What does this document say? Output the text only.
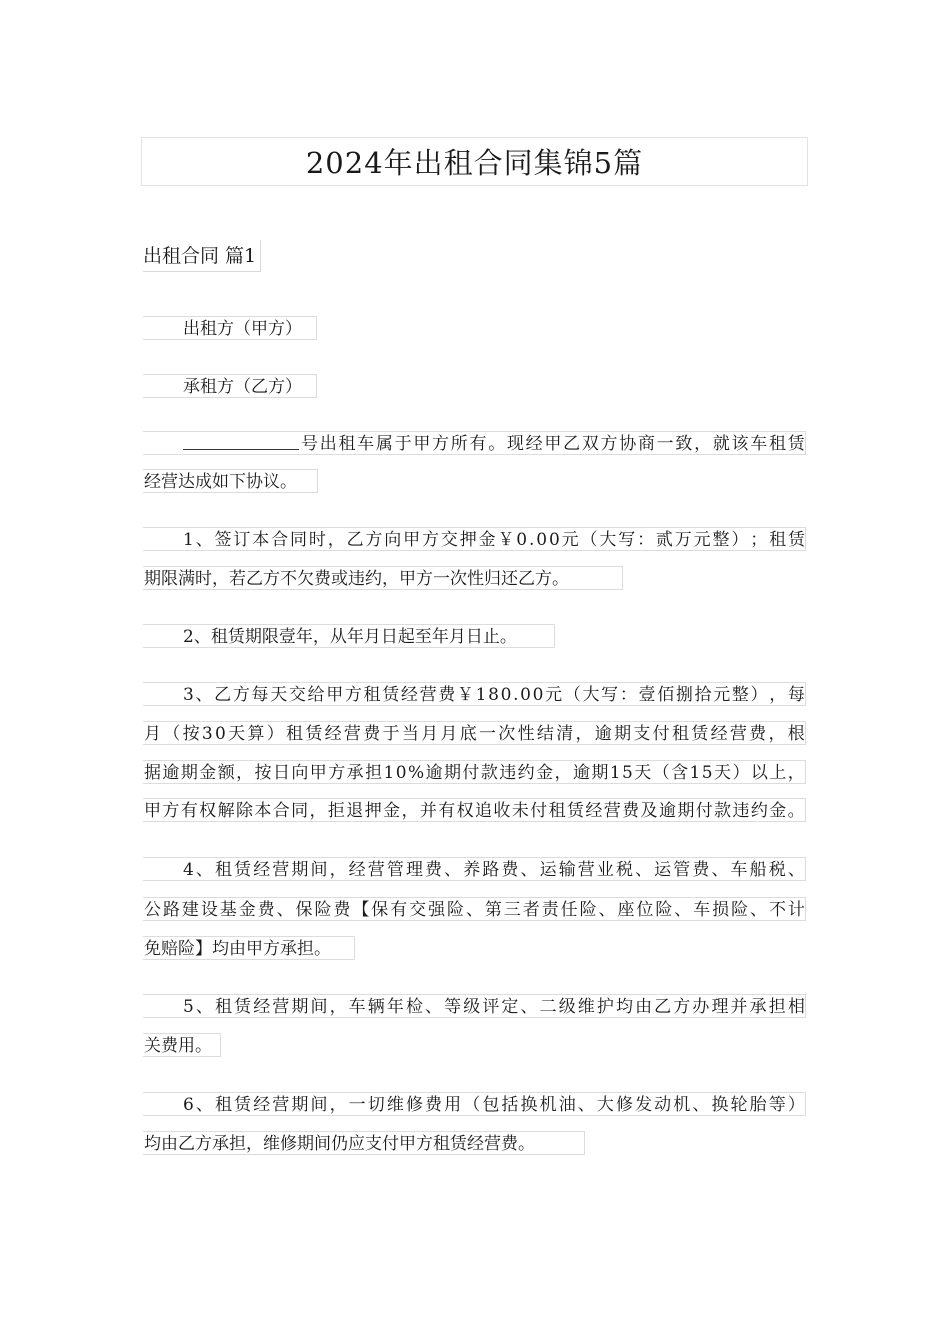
2024年出租合同集锦5篇
出租合同 篇1
出租方（甲方）
承租方（乙方）
号 出 租 车 属 于 甲 方 所 有 。 现 经 甲 乙 双 方 协 商 一 致 ， 就 该 车 租 赁
经营达成如下协议。
1 、 签 订 本 合 同 时 ， 乙 方 向 甲 方 交 押 金 ￥ 0 . 0 0 元 （ 大 写 ： 贰 万 元 整 ） ； 租 赁
期限满时，若乙方不欠费或违约，甲方一次性归还乙方。
2、租赁期限壹年，从年月日起至年月日止。
3 、 乙 方 每 天 交 给 甲 方 租 赁 经 营 费 ￥ 1 8 0 . 0 0 元 （ 大 写 ： 壹 佰 捌 拾 元 整 ） ， 每
月 （ 按 3 0 天 算 ） 租 赁 经 营 费 于 当 月 月 底 一 次 性 结 清 ， 逾 期 支 付 租 赁 经 营 费 ， 根
据 逾 期 金 额 ， 按 日 向 甲 方 承 担 1 0 % 逾 期 付 款 违 约 金 ， 逾 期 1 5 天 （ 含 1 5 天 ） 以 上 ，
甲 方 有 权 解 除 本 合 同 ， 拒 退 押 金 ， 并 有 权 追 收 未 付 租 赁 经 营 费 及 逾 期 付 款 违 约 金 。
4 、 租 赁 经 营 期 间 ， 经 营 管 理 费 、 养 路 费 、 运 输 营 业 税 、 运 管 费 、 车 船 税 、
公 路 建 设 基 金 费 、 保 险 费 【 保 有 交 强 险 、 第 三 者 责 任 险 、 座 位 险 、 车 损 险 、 不 计
免赔险】均由甲方承担。
5 、 租 赁 经 营 期 间 ， 车 辆 年 检 、 等 级 评 定 、 二 级 维 护 均 由 乙 方 办 理 并 承 担 相
关费用。
6 、 租 赁 经 营 期 间 ， 一 切 维 修 费 用 （ 包 括 换 机 油 、 大 修 发 动 机 、 换 轮 胎 等 ）
均由乙方承担，维修期间仍应支付甲方租赁经营费。
